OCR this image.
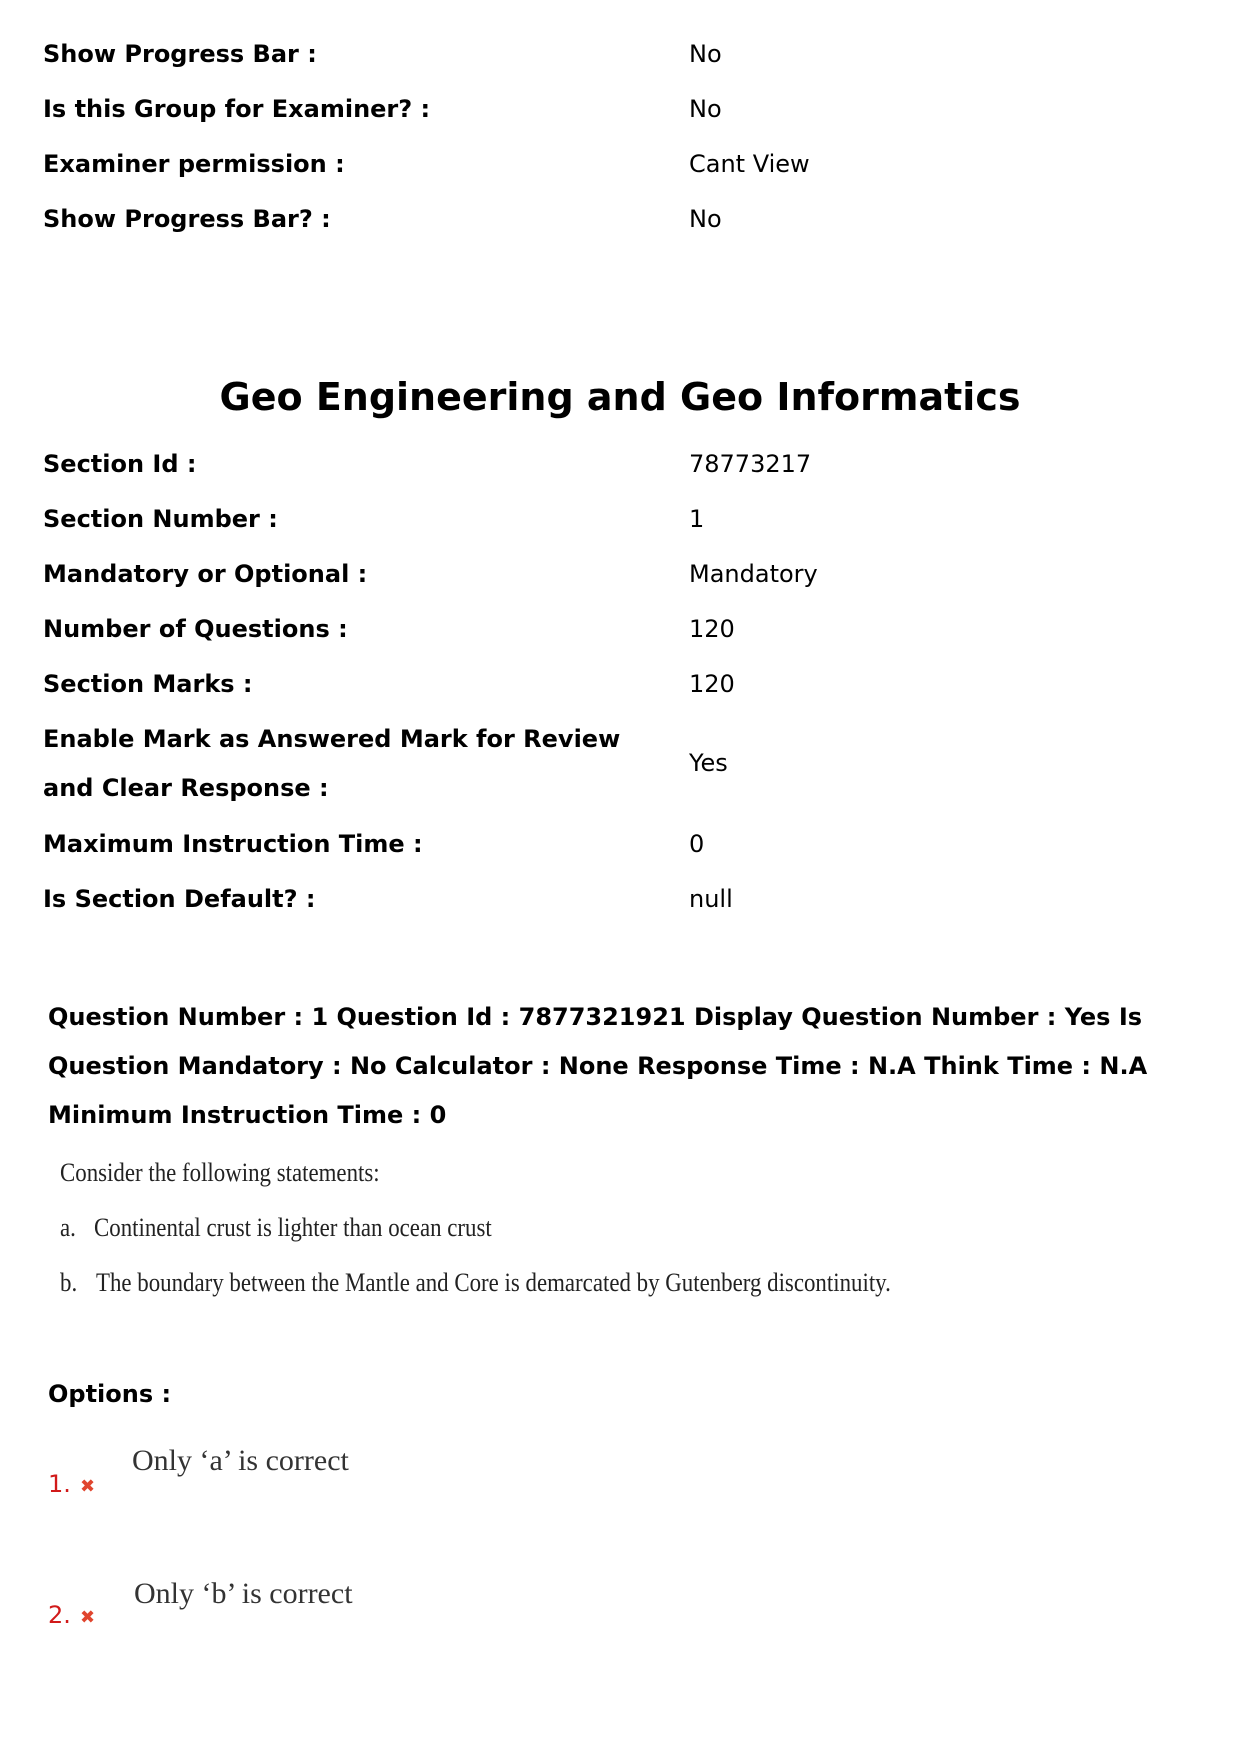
Show Progress Bar :	No
Is this Group for Examiner? :	No
Examiner permission :	Cant View
Show Progress Bar? :	No
Geo Engineering and Geo Informatics
Section Id :	78773217
Section Number :	1
Mandatory or Optional :	Mandatory
Number of Questions :	120
Section Marks :	120
Enable Mark as Answered Mark for Review and Clear Response :
Yes
Maximum Instruction Time :	0
Is Section Default? :	null
Question Number : 1 Question Id : 7877321921 Display Question Number : Yes Is Question Mandatory : No Calculator : None Response Time : N.A Think Time : N.A Minimum Instruction Time : 0
Consider the following statements:
a. Continental crust is lighter than ocean crust
b. The boundary between the Mantle and Core is demarcated by Gutenberg discontinuity.
Options :
1. ✖
Only ‘a’ is correct
2. ✖
Only ‘b’ is correct
